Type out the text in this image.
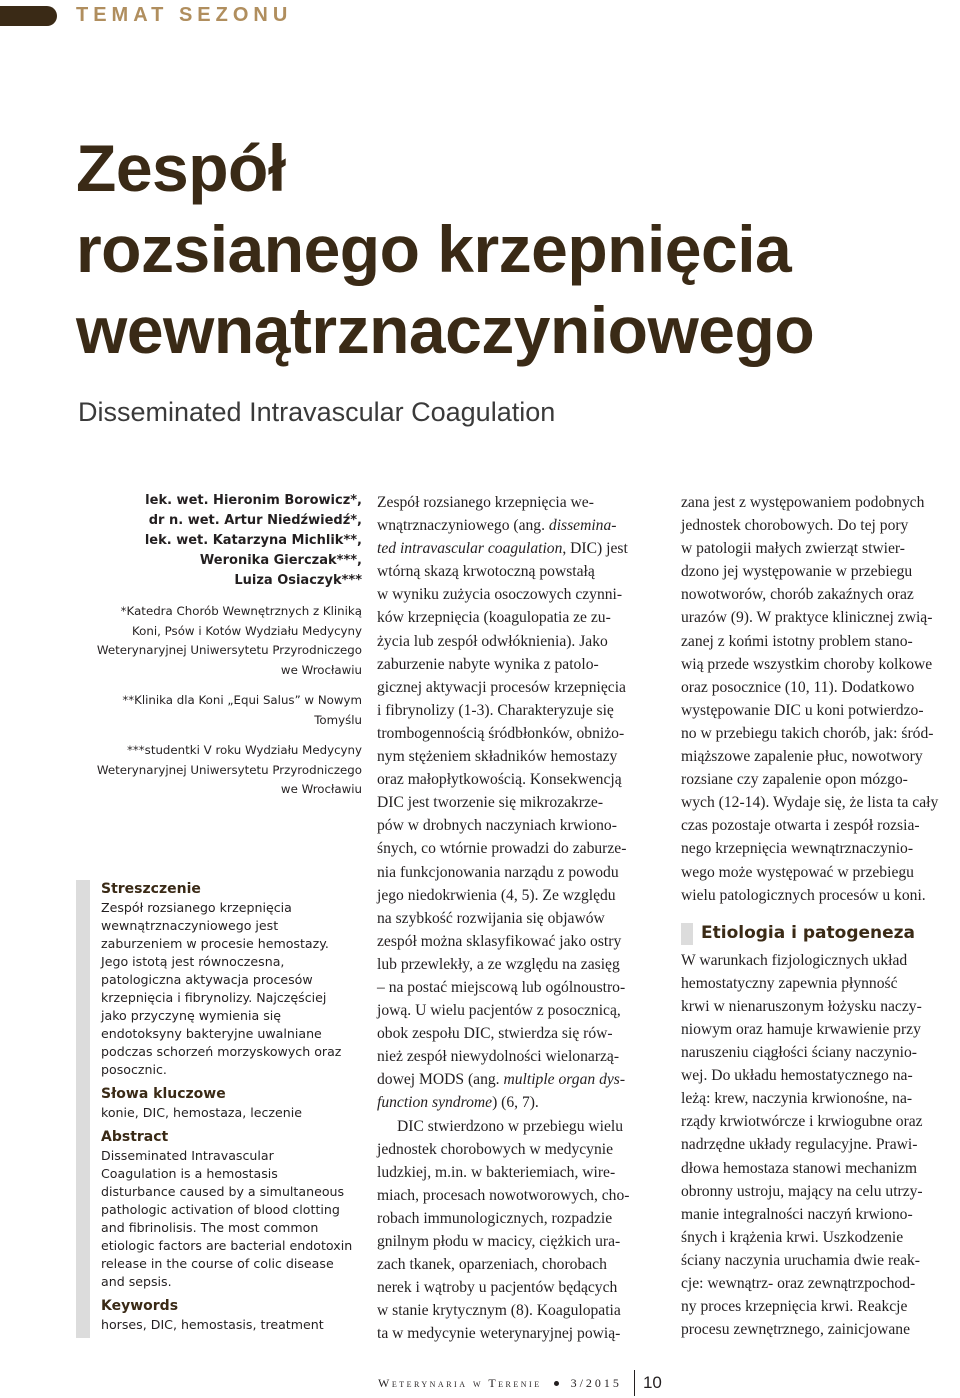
TEMAT SEZONU
Zespół
rozsianego krzepnięcia
wewnątrznaczyniowego
Disseminated Intravascular Coagulation
lek. wet. Hieronim Borowicz*,
dr n. wet. Artur Niedźwiedź*,
lek. wet. Katarzyna Michlik**,
Weronika Gierczak***,
Luiza Osiaczyk***
*Katedra Chorób Wewnętrznych z Kliniką
Koni, Psów i Kotów Wydziału Medycyny
Weterynaryjnej Uniwersytetu Przyrodniczego
we Wrocławiu
**Klinika dla Koni „Equi Salus” w Nowym
Tomyślu
***studentki V roku Wydziału Medycyny
Weterynaryjnej Uniwersytetu Przyrodniczego
we Wrocławiu
Streszczenie

Zespół rozsianego krzepnięcia
wewnątrznaczyniowego jest
zaburzeniem w procesie hemostazy.
Jego istotą jest równoczesna,
patologiczna aktywacja procesów
krzepnięcia i fibrynolizy. Najczęściej
jako przyczynę wymienia się
endotoksyny bakteryjne uwalniane
podczas schorzeń morzyskowych oraz
posocznic.

Słowa kluczowe

konie, DIC, hemostaza, leczenie

Abstract

Disseminated Intravascular
Coagulation is a hemostasis
disturbance caused by a simultaneous
pathologic activation of blood clotting
and fibrinolisis. The most common
etiologic factors are bacterial endotoxin
release in the course of colic disease
and sepsis.

Keywords

horses, DIC, hemostasis, treatment

Zespół rozsianego krzepnięcia we-
wnątrznaczyniowego (ang. dissemina-
ted intravascular coagulation, DIC) jest
wtórną skazą krwotoczną powstałą
w wyniku zużycia osoczowych czynni-
ków krzepnięcia (koagulopatia ze zu-
życia lub zespół odwłóknienia). Jako
zaburzenie nabyte wynika z patolo-
gicznej aktywacji procesów krzepnięcia
i fibrynolizy (1-3). Charakteryzuje się
trombogennością śródbłonków, obniżo-
nym stężeniem składników hemostazy
oraz małopłytkowością. Konsekwencją
DIC jest tworzenie się mikrozakrze-
pów w drobnych naczyniach krwiono-
śnych, co wtórnie prowadzi do zaburze-
nia funkcjonowania narządu z powodu
jego niedokrwienia (4, 5). Ze względu
na szybkość rozwijania się objawów
zespół można sklasyfikować jako ostry
lub przewlekły, a ze względu na zasięg
– na postać miejscową lub ogólnoustro-
jową. U wielu pacjentów z posocznicą,
obok zespołu DIC, stwierdza się rów-
nież zespół niewydolności wielonarzą-
dowej MODS (ang. multiple organ dys-
function syndrome) (6, 7).
DIC stwierdzono w przebiegu wielu
jednostek chorobowych w medycynie
ludzkiej, m.in. w bakteriemiach, wire-
miach, procesach nowotworowych, cho-
robach immunologicznych, rozpadzie
gnilnym płodu w macicy, ciężkich ura-
zach tkanek, oparzeniach, chorobach
nerek i wątroby u pacjentów będących
w stanie krytycznym (8). Koagulopatia
ta w medycynie weterynaryjnej powią-
zana jest z występowaniem podobnych
jednostek chorobowych. Do tej pory
w patologii małych zwierząt stwier-
dzono jej występowanie w przebiegu
nowotworów, chorób zakaźnych oraz
urazów (9). W praktyce klinicznej zwią-
zanej z końmi istotny problem stano-
wią przede wszystkim choroby kolkowe
oraz posocznice (10, 11). Dodatkowo
występowanie DIC u koni potwierdzo-
no w przebiegu takich chorób, jak: śród-
miąższowe zapalenie płuc, nowotwory
rozsiane czy zapalenie opon mózgo-
wych (12-14). Wydaje się, że lista ta cały
czas pozostaje otwarta i zespół rozsia-
nego krzepnięcia wewnątrznaczynio-
wego może występować w przebiegu
wielu patologicznych procesów u koni.
Etiologia i patogeneza
W warunkach fizjologicznych układ
hemostatyczny zapewnia płynność
krwi w nienaruszonym łożysku naczy-
niowym oraz hamuje krwawienie przy
naruszeniu ciągłości ściany naczynio-
wej. Do układu hemostatycznego na-
leżą: krew, naczynia krwionośne, na-
rządy krwiotwórcze i krwiogubne oraz
nadrzędne układy regulacyjne. Prawi-
dłowa hemostaza stanowi mechanizm
obronny ustroju, mający na celu utrzy-
manie integralności naczyń krwiono-
śnych i krążenia krwi. Uszkodzenie
ściany naczynia uruchamia dwie reak-
cje: wewnątrz- oraz zewnątrzpochod-
ny proces krzepnięcia krwi. Reakcje
procesu zewnętrznego, zainicjowane
Weterynaria w Terenie 3/2015 10
